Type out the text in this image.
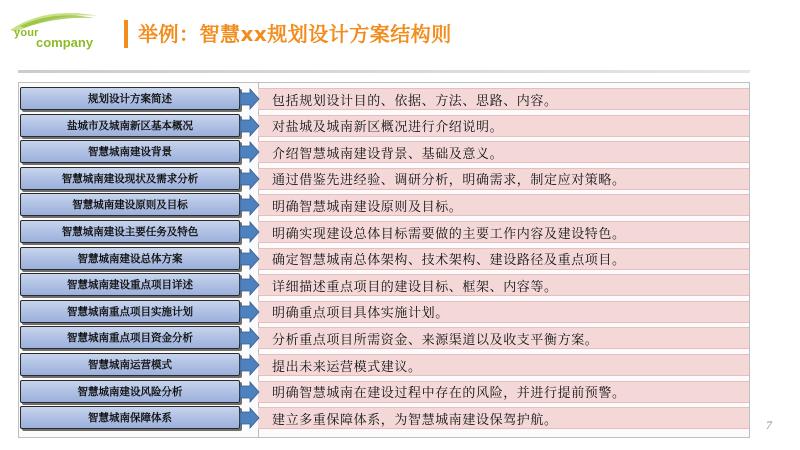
your
company 举例：智慧xx规划设计方案结构则
规划设计方案简述	包括规划设计目的、依据、方法、思路、内容。
盐城市及城南新区基本概况	对盐城及城南新区概况进行介绍说明。
智慧城南建设背景	介绍智慧城南建设背景、基础及意义。
智慧城南建设现状及需求分析	通过借鉴先进经验、调研分析，明确需求，制定应对策略。
智慧城南建设原则及目标	明确智慧城南建设原则及目标。
智慧城南建设主要任务及特色	明确实现建设总体目标需要做的主要工作内容及建设特色。
智慧城南建设总体方案	确定智慧城南总体架构、技术架构、建设路径及重点项目。
智慧城南建设重点项目详述	详细描述重点项目的建设目标、框架、内容等。
智慧城南重点项目实施计划	明确重点项目具体实施计划。
智慧城南重点项目资金分析	分析重点项目所需资金、来源渠道以及收支平衡方案。
智慧城南运营模式	提出未来运营模式建议。
智慧城南建设风险分析	明确智慧城南在建设过程中存在的风险，并进行提前预警。
智慧城南保障体系	建立多重保障体系，为智慧城南建设保驾护航。	7
